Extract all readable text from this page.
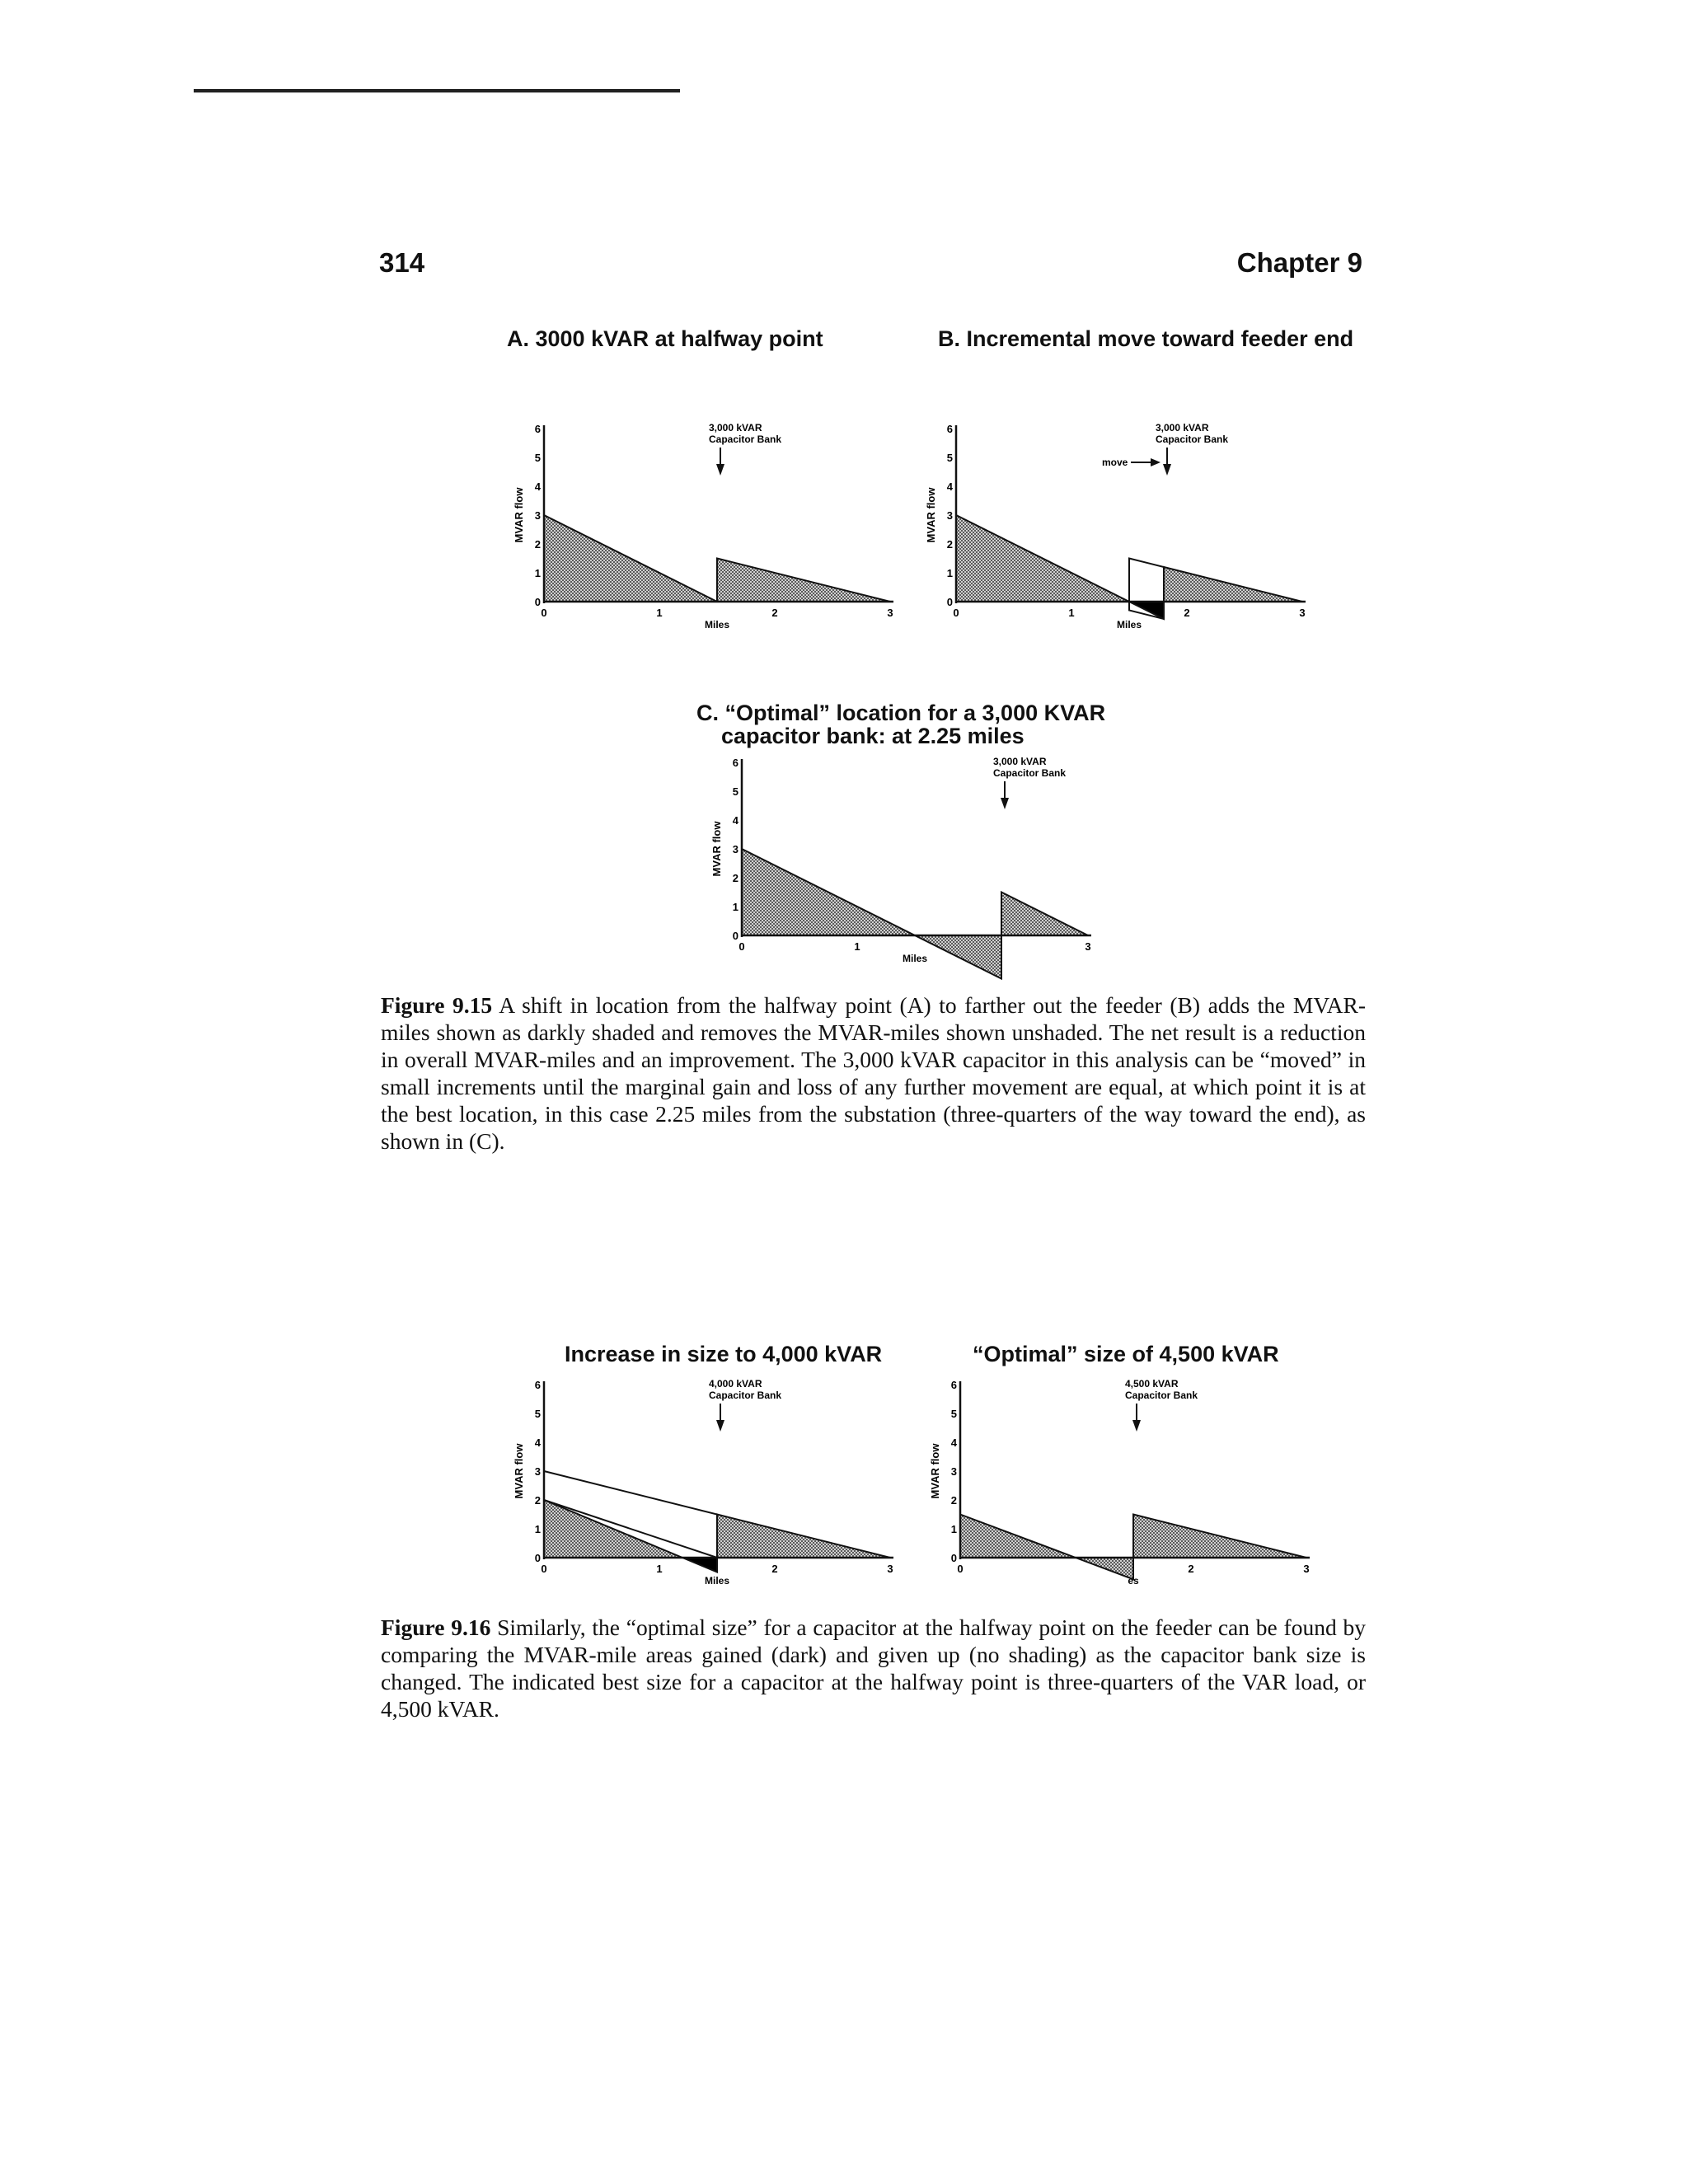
314	Chapter 9
A. 3000 kVAR at halfway point	B. Incremental move toward feeder end
C. “Optimal” location for a 3,000 KVAR
capacitor bank: at 2.25 miles
0
1
2
3
4
5
6
0	1	2	3
MVAR flow
Miles
3,000 kVAR
Capacitor Bank
0
1
2
3
4
5
6
0	1	2	3
MVAR flow
Miles
3,000 kVAR
Capacitor Bank
move
0
1
2
3
4
5
6
0	1	3
MVAR flow
Miles
3,000 kVAR
Capacitor Bank
Figure 9.15 A shift in location from the halfway point (A) to farther out the feeder (B) adds the MVAR-miles shown as darkly shaded and removes the MVAR-miles shown unshaded. The net result is a reduction in overall MVAR-miles and an improvement. The 3,000 kVAR capacitor in this analysis can be “moved” in small increments until the marginal gain and loss of any further movement are equal, at which point it is at the best location, in this case 2.25 miles from the substation (three-quarters of the way toward the end), as shown in (C).
Increase in size to 4,000 kVAR	“Optimal” size of 4,500 kVAR
0
1
2
3
4
5
6
0	1	2	3
MVAR flow
Miles
4,000 kVAR
Capacitor Bank
0
1
2
3
4
5
6
0	2	3
MVAR flow
es
4,500 kVAR
Capacitor Bank
Figure 9.16 Similarly, the “optimal size” for a capacitor at the halfway point on the feeder can be found by comparing the MVAR-mile areas gained (dark) and given up (no shading) as the capacitor bank size is changed. The indicated best size for a capacitor at the halfway point is three-quarters of the VAR load, or 4,500 kVAR.
